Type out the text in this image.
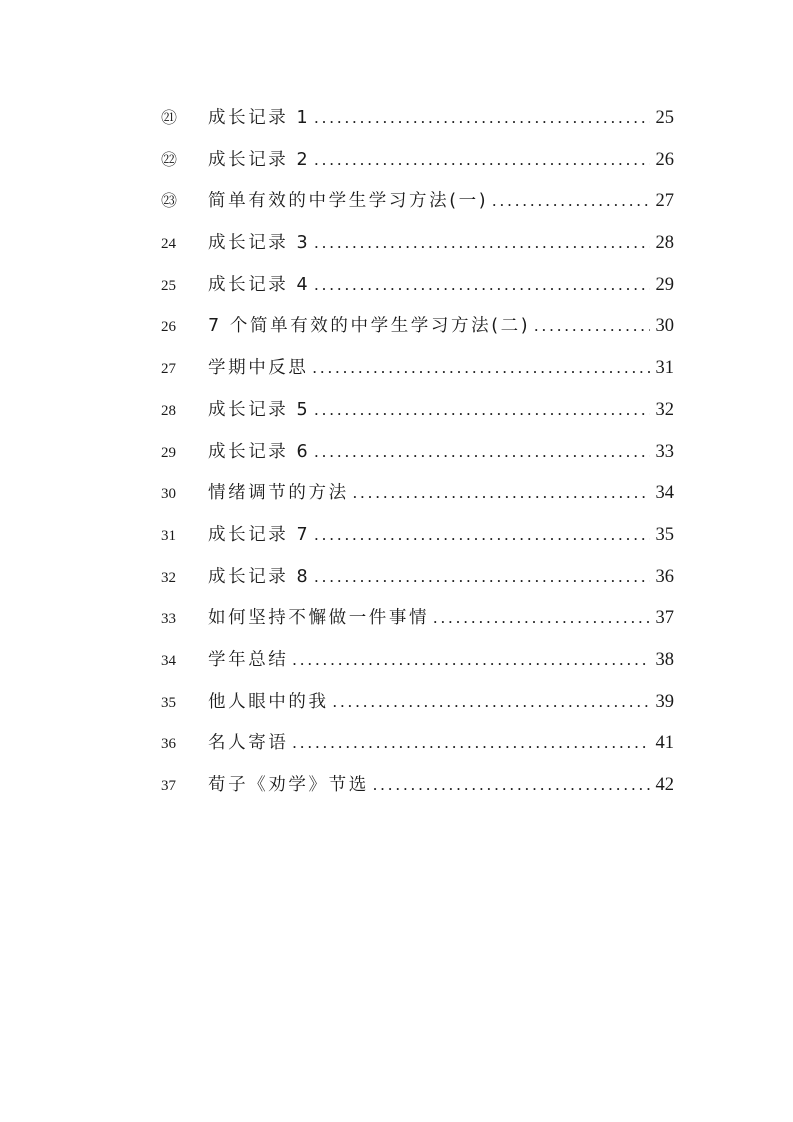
㉑	成长记录 1 .....	25
㉒	成长记录 2 .....	26
㉓	简单有效的中学生学习方法(一) .....	27
24	成长记录 3 .....	28
25	成长记录 4 .....	29
26	7 个简单有效的中学生学习方法(二) .....	30
27	学期中反思 .....	31
28	成长记录 5 .....	32
29	成长记录 6 .....	33
30	情绪调节的方法 .....	34
31	成长记录 7 .....	35
32	成长记录 8 .....	36
33	如何坚持不懈做一件事情 .....	37
34	学年总结 .....	38
35	他人眼中的我 .....	39
36	名人寄语 .....	41
37	荀子《劝学》节选 .....	42
